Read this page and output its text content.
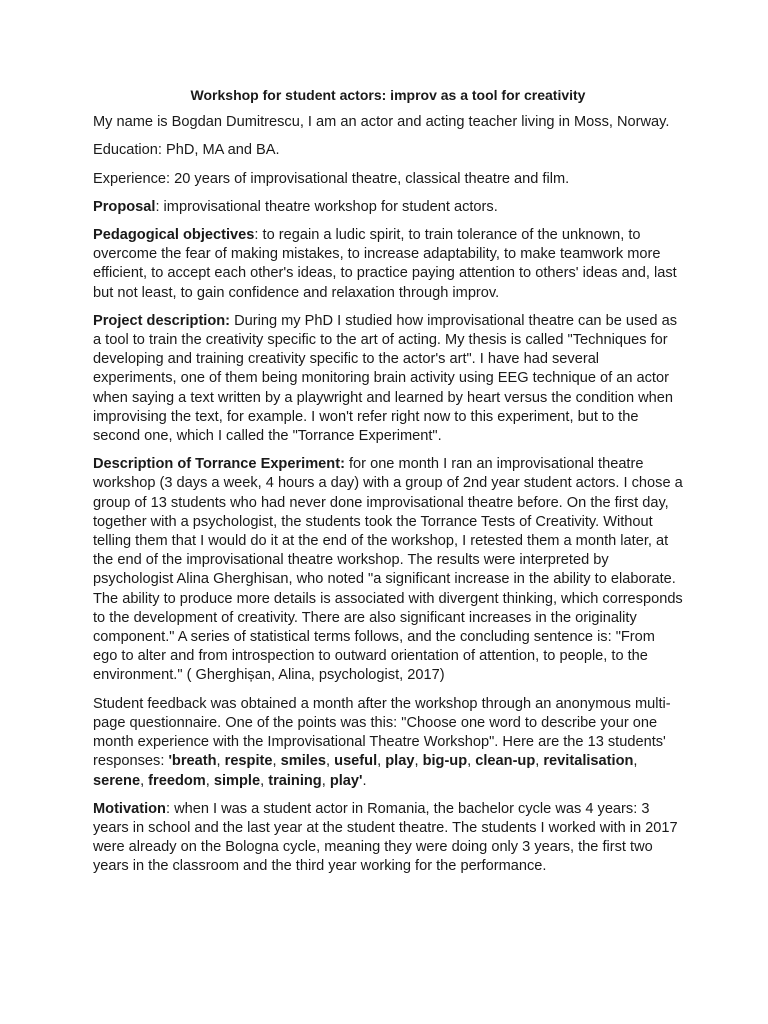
Workshop for student actors: improv as a tool for creativity

My name is Bogdan Dumitrescu, I am an actor and acting teacher living in Moss, Norway.

Education: PhD, MA and BA.

Experience: 20 years of improvisational theatre, classical theatre and film.

Proposal: improvisational theatre workshop for student actors.

Pedagogical objectives: to regain a ludic spirit, to train tolerance of the unknown, to overcome the fear of making mistakes, to increase adaptability, to make teamwork more efficient, to accept each other's ideas, to practice paying attention to others' ideas and, last but not least, to gain confidence and relaxation through improv.

Project description: During my PhD I studied how improvisational theatre can be used as a tool to train the creativity specific to the art of acting. My thesis is called "Techniques for developing and training creativity specific to the actor's art". I have had several experiments, one of them being monitoring brain activity using EEG technique of an actor when saying a text written by a playwright and learned by heart versus the condition when improvising the text, for example. I won't refer right now to this experiment, but to the second one, which I called the "Torrance Experiment".

Description of Torrance Experiment: for one month I ran an improvisational theatre workshop (3 days a week, 4 hours a day) with a group of 2nd year student actors. I chose a group of 13 students who had never done improvisational theatre before. On the first day, together with a psychologist, the students took the Torrance Tests of Creativity. Without telling them that I would do it at the end of the workshop, I retested them a month later, at the end of the improvisational theatre workshop. The results were interpreted by psychologist Alina Gherghisan, who noted "a significant increase in the ability to elaborate. The ability to produce more details is associated with divergent thinking, which corresponds to the development of creativity. There are also significant increases in the originality component." A series of statistical terms follows, and the concluding sentence is: "From ego to alter and from introspection to outward orientation of attention, to people, to the environment." ( Gherghișan, Alina, psychologist, 2017)

Student feedback was obtained a month after the workshop through an anonymous multi-page questionnaire. One of the points was this: "Choose one word to describe your one month experience with the Improvisational Theatre Workshop". Here are the 13 students' responses: 'breath, respite, smiles, useful, play, big-up, clean-up, revitalisation, serene, freedom, simple, training, play'.

Motivation: when I was a student actor in Romania, the bachelor cycle was 4 years: 3 years in school and the last year at the student theatre. The students I worked with in 2017 were already on the Bologna cycle, meaning they were doing only 3 years, the first two years in the classroom and the third year working for the performance.
